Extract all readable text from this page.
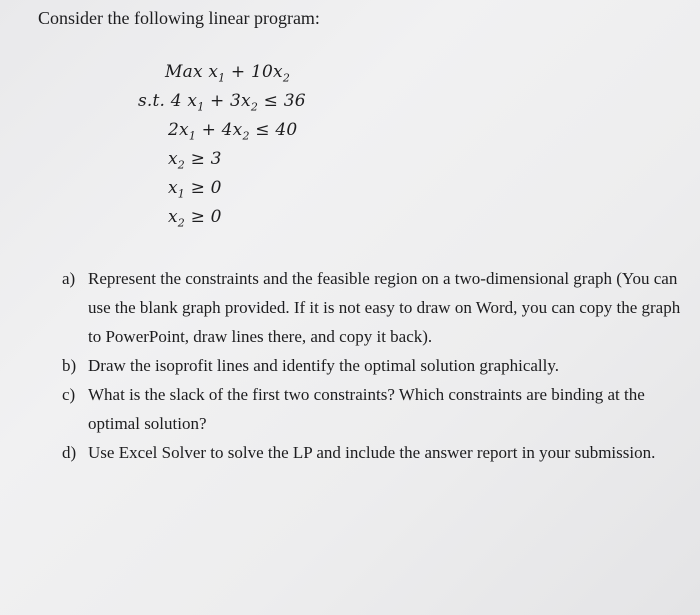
Consider the following linear program:
Max $x_1 + 10x_2$
s.t. 4 $x_1 + 3x_2 \le 36$
$2x_1 + 4x_2 \le 40$
$x_2 \ge 3$
$x_1 \ge 0$
$x_2 \ge 0$
a) Represent the constraints and the feasible region on a two-dimensional graph (You can use the blank graph provided. If it is not easy to draw on Word, you can copy the graph to PowerPoint, draw lines there, and copy it back).
b) Draw the isoprofit lines and identify the optimal solution graphically.
c) What is the slack of the first two constraints? Which constraints are binding at the optimal solution?
d) Use Excel Solver to solve the LP and include the answer report in your submission.
